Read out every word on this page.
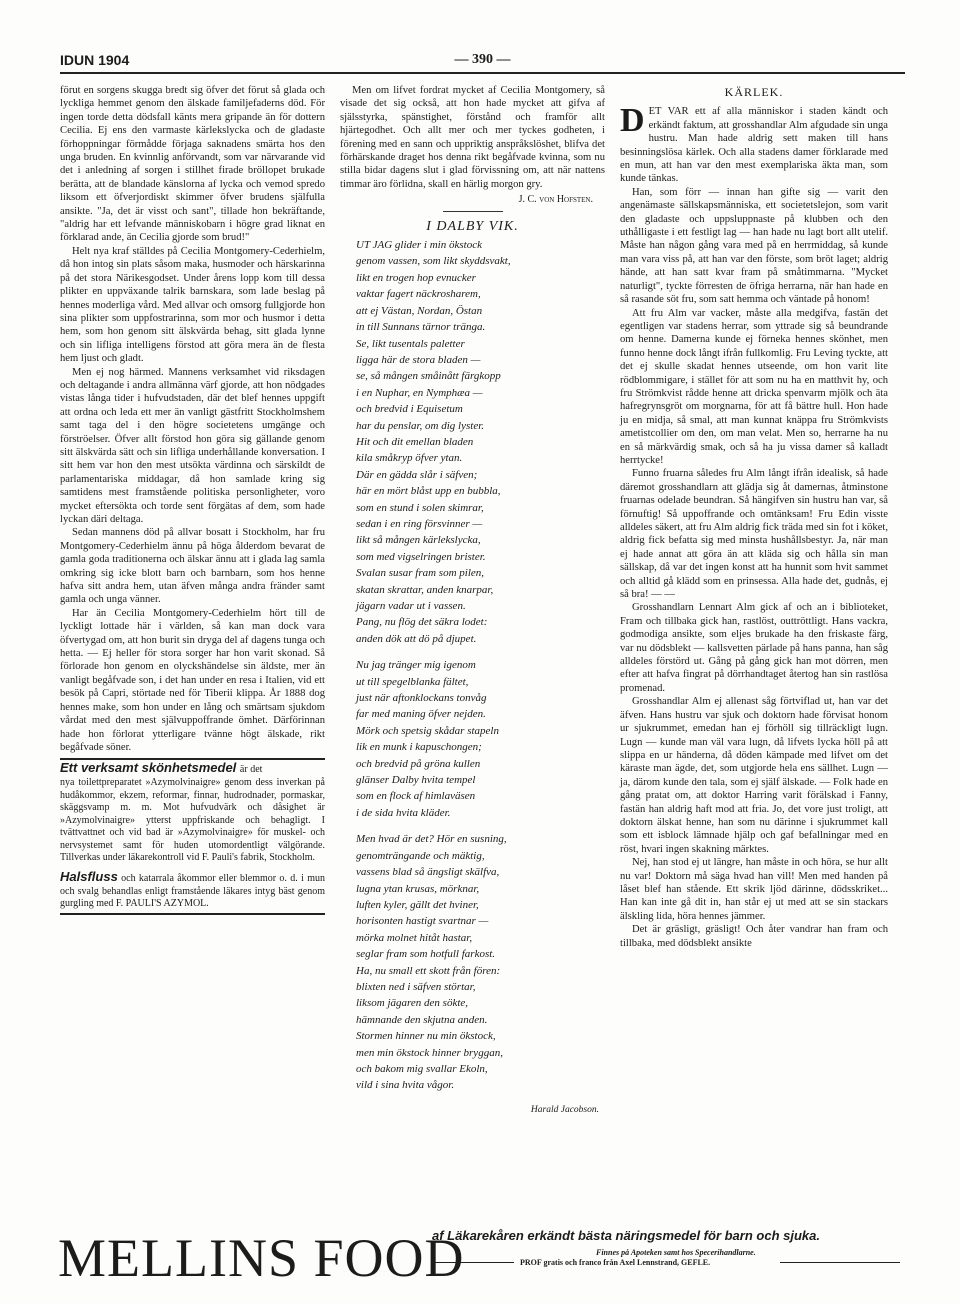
IDUN 1904	— 390 —

förut en sorgens skugga bredt sig öfver det förut så glada och lyckliga hemmet genom den älskade familjefaderns död. För ingen torde detta dödsfall känts mera gripande än för dottern Cecilia. Ej ens den varmaste kärlekslycka och de gladaste förhoppningar förmådde förjaga saknadens smärta hos den unga bruden. En kvinnlig anförvandt, som var närvarande vid det i anledning af sorgen i stillhet firade bröllopet brukade berätta, att de blandade känslorna af lycka och vemod spredo liksom ett öfverjordiskt skimmer öfver brudens själfulla ansikte. "Ja, det är visst och sant", tillade hon bekräftande, "aldrig har ett lefvande människobarn i högre grad liknat en förklarad ande, än Cecilia gjorde som brud!"

Helt nya kraf ställdes på Cecilia Montgomery-Cederhielm, då hon intog sin plats såsom maka, husmoder och härskarinna på det stora Närikesgodset. Under årens lopp kom till dessa plikter en uppväxande talrik barnskara, som lade beslag på hennes moderliga vård. Med allvar och omsorg fullgjorde hon sina plikter som uppfostrarinna, som mor och husmor i detta hem, som hon genom sitt älskvärda behag, sitt glada lynne och sin lifliga intelligens förstod att göra mera än de flesta hem ljust och gladt.

Men ej nog härmed. Mannens verksamhet vid riksdagen och deltagande i andra allmänna värf gjorde, att hon nödgades vistas långa tider i hufvudstaden, där det blef hennes uppgift att ordna och leda ett mer än vanligt gästfritt Stockholmshem samt taga del i den högre societetens umgänge och förströelser. Öfver allt förstod hon göra sig gällande genom sitt älskvärda sätt och sin lifliga underhållande konversation. I sitt hem var hon den mest utsökta värdinna och särskildt de parlamentariska middagar, då hon samlade kring sig samtidens mest framstående politiska personligheter, voro mycket eftersökta och torde sent förgätas af dem, som hade lyckan däri deltaga.

Sedan mannens död på allvar bosatt i Stockholm, har fru Montgomery-Cederhielm ännu på höga ålderdom bevarat de gamla goda traditionerna och älskar ännu att i glada lag samla omkring sig icke blott barn och barnbarn, som hos henne hafva sitt andra hem, utan äfven många andra fränder samt gamla och unga vänner.

Har än Cecilia Montgomery-Cederhielm hört till de lyckligt lottade här i världen, så kan man dock vara öfvertygad om, att hon burit sin dryga del af dagens tunga och hetta. — Ej heller för stora sorger har hon varit skonad. Så förlorade hon genom en olyckshändelse sin äldste, mer än vanligt begåfvade son, i det han under en resa i Italien, vid ett besök på Capri, störtade ned för Tiberii klippa. År 1888 dog hennes make, som hon under en lång och smärtsam sjukdom vårdat med den mest självuppoffrande ömhet. Därförinnan hade hon förlorat ytterligare tvänne högt älskade, rikt begåfvade söner.

Ett verksamt skönhetsmedel är det
nya toilettpreparatet »Azymolvinaigre» genom dess inverkan på hudåkommor, ekzem, reformar, finnar, hudrodnader, pormaskar, skäggsvamp m. m. Mot hufvudvärk och dåsighet är »Azymolvinaigre» ytterst uppfriskande och behagligt. I tvättvattnet och vid bad är »Azymolvinaigre» för muskel- och nervsystemet samt för huden utomordentligt välgörande. Tillverkas under läkarekontroll vid F. Pauli's fabrik, Stockholm.
Halsfluss och katarrala åkommor eller blemmor o. d. i mun och svalg behandlas enligt framstående läkares intyg bäst genom gurgling med F. PAULI'S AZYMOL.

Men om lifvet fordrat mycket af Cecilia Montgomery, så visade det sig också, att hon hade mycket att gifva af själsstyrka, spänstighet, förstånd och framför allt hjärtegodhet. Och allt mer och mer tyckes godheten, i förening med en sann och uppriktig anspråkslöshet, blifva det förhärskande draget hos denna rikt begåfvade kvinna, som nu stilla bidar dagens slut i glad förvissning om, att när nattens timmar äro förlidna, skall en härlig morgon gry.

J. C. von Hofsten.
I DALBY VIK.
UT JAG glider i min ökstock
genom vassen, som likt skyddsvakt,
likt en trogen hop evnucker
vaktar fagert näckrosharem,
att ej Västan, Nordan, Östan
in till Sunnans tärnor tränga.
Se, likt tusentals paletter
ligga här de stora bladen —
se, så mången småinått färgkopp
i en Nuphar, en Nymphæa —
och bredvid i Equisetum
har du penslar, om dig lyster.
Hit och dit emellan bladen
kila småkryp öfver ytan.
Där en gädda slår i säfven;
här en mört blåst upp en bubbla,
som en stund i solen skimrar,
sedan i en ring försvinner —
likt så mången kärlekslycka,
som med vigselringen brister.
Svalan susar fram som pilen,
skatan skrattar, anden knarpar,
jägarn vadar ut i vassen.
Pang, nu flög det säkra lodet:
anden dök att dö på djupet.
Nu jag tränger mig igenom
ut till spegelblanka fältet,
just när aftonklockans tonvåg
far med maning öfver nejden.
Mörk och spetsig skådar stapeln
lik en munk i kapuschongen;
och bredvid på gröna kullen
glänser Dalby hvita tempel
som en flock af himlaväsen
i de sida hvita kläder.
Men hvad är det? Hör en susning,
genomträngande och mäktig,
vassens blad så ängsligt skälfva,
lugna ytan krusas, mörknar,
luften kyler, gällt det hviner,
horisonten hastigt svartnar —
mörka molnet hitåt hastar,
seglar fram som hotfull farkost.
Ha, nu small ett skott från fören:
blixten ned i säfven störtar,
liksom jägaren den sökte,
hämnande den skjutna anden.
Stormen hinner nu min ökstock,
men min ökstock hinner bryggan,
och bakom mig svallar Ekoln,
vild i sina hvita vågor.
Harald Jacobson.
KÄRLEK.

DET VAR ett af alla människor i staden kändt och erkändt faktum, att grosshandlar Alm afgudade sin unga hustru. Man hade aldrig sett maken till hans besinningslösa kärlek. Och alla stadens damer förklarade med en mun, att han var den mest exemplariska äkta man, som kunde tänkas.

Han, som förr — innan han gifte sig — varit den angenämaste sällskapsmänniska, ett societetslejon, som varit den gladaste och uppsluppnaste på klubben och den uthålligaste i ett festligt lag — han hade nu lagt bort allt utelif. Måste han någon gång vara med på en herrmiddag, så kunde man vara viss på, att han var den förste, som bröt laget; aldrig hände, att han satt kvar fram på småtimmarna. "Mycket naturligt", tyckte förresten de öfriga herrarna, när han hade en så rasande söt fru, som satt hemma och väntade på honom!

Att fru Alm var vacker, måste alla medgifva, fastän det egentligen var stadens herrar, som yttrade sig så beundrande om henne. Damerna kunde ej förneka hennes skönhet, men funno henne dock långt ifrån fullkomlig. Fru Leving tyckte, att det ej skulle skadat hennes utseende, om hon varit lite rödblommigare, i stället för att som nu ha en matthvit hy, och fru Strömkvist rådde henne att dricka spenvarm mjölk och äta hafregrynsgröt om morgnarna, för att få bättre hull. Hon hade ju en midja, så smal, att man kunnat knäppa fru Strömkvists ametistcollier om den, om man velat. Men so, herrarne ha nu en så märkvärdig smak, och så ha ju vissa damer så kalladt herrtycke!

Funno fruarna således fru Alm långt ifrån idealisk, så hade däremot grosshandlarn att glädja sig åt damernas, åtminstone fruarnas odelade beundran. Så hängifven sin hustru han var, så förnuftig! Så uppoffrande och omtänksam! Fru Edin visste alldeles säkert, att fru Alm aldrig fick träda med sin fot i köket, aldrig fick befatta sig med minsta hushållsbestyr. Ja, när man ej hade annat att göra än att kläda sig och hålla sin man sällskap, då var det ingen konst att ha hunnit som hvit sammet och alltid gå klädd som en prinsessa. Alla hade det, gudnås, ej så bra! — —

Grosshandlarn Lennart Alm gick af och an i biblioteket, Fram och tillbaka gick han, rastlöst, outtröttligt. Hans vackra, godmodiga ansikte, som eljes brukade ha den friskaste färg, var nu dödsblekt — kallsvetten pärlade på hans panna, han såg alldeles förstörd ut. Gång på gång gick han mot dörren, men efter att hafva fingrat på dörrhandtaget återtog han sin rastlösa promenad.

Grosshandlar Alm ej allenast såg förtviflad ut, han var det äfven. Hans hustru var sjuk och doktorn hade förvisat honom ur sjukrummet, emedan han ej förhöll sig tillräckligt lugn. Lugn — kunde man väl vara lugn, då lifvets lycka höll på att slippa en ur händerna, då döden kämpade med lifvet om det käraste man ägde, det, som utgjorde hela ens sällhet. Lugn — ja, därom kunde den tala, som ej själf älskade. — Folk hade en gång pratat om, att doktor Harring varit förälskad i Fanny, fastän han aldrig haft mod att fria. Jo, det vore just troligt, att doktorn älskat henne, han som nu därinne i sjukrummet kall som ett isblock lämnade hjälp och gaf befallningar med en röst, hvari ingen skakning märktes.

Nej, han stod ej ut längre, han måste in och höra, se hur allt nu var! Doktorn må säga hvad han vill! Men med handen på låset blef han stående. Ett skrik ljöd därinne, dödsskriket... Han kan inte gå dit in, han står ej ut med att se sin stackars älskling lida, höra hennes jämmer.

Det är gräsligt, gräsligt! Och åter vandrar han fram och tillbaka, med dödsblekt ansikte

MELLINS FOOD
af Läkarekåren erkändt bästa näringsmedel för barn och sjuka.
Finnes på Apoteken samt hos Specerihandlarne.
PROF gratis och franco från Axel Lennstrand, GEFLE.
